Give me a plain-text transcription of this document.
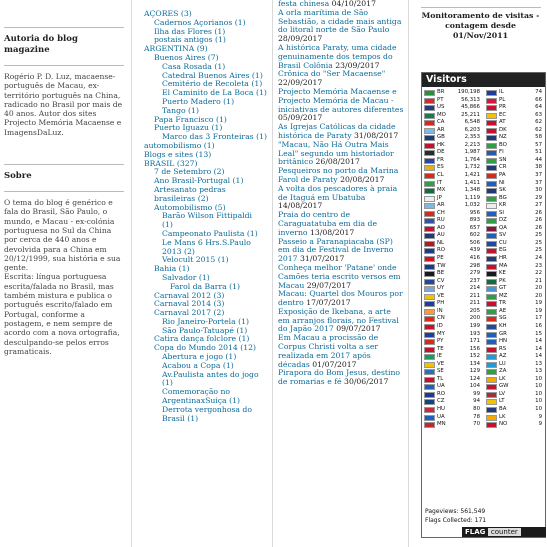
Autoria do blog magazine
Rogério P. D. Luz, macaense-português de Macau, ex-território português na China, radicado no Brasil por mais de 40 anos. Autor dos sites Projecto Memória Macaense e ImagensDaLuz.
Sobre
O tema do blog é genérico e fala do Brasil, São Paulo, o mundo, e Macau - ex-colónia portuguesa no Sul da China por cerca de 440 anos e devolvida para a China em 20/12/1999, sua história e sua gente.
Escrita: língua portuguesa escrita/falada no Brasil, mas também mistura e publica o português escrito/falado em Portugal, conforme a postagem, e nem sempre de acordo com a nova ortografia, desculpando-se pelos erros gramaticais.
AÇORES (3)
Cadernos Açorianos (1)
Ilha das Flores (1)
postais antigos (1)
ARGENTINA (9)
Buenos Aires (7)
Casa Rosada (1)
Catedral Buenos Aires (1)
Cemitério de Recoleta (1)
El Caminito de La Boca (1)
Puerto Madero (1)
Tango (1)
Papa Francisco (1)
Puerto Iguazu (1)
Marco das 3 Fronteiras (1)
automobilismo (1)
Blogs e sites (13)
BRASIL (327)
7 de Setembro (2)
Ano Brasil-Portugal (1)
Artesanato pedras
brasileiras (2)
Automobilismo (5)
Barão Wilson Fittipaldi
(1)
Campeonato Paulista (1)
Le Mans 6 Hrs.S.Paulo
2013 (2)
Velocult 2015 (1)
Bahia (1)
Salvador (1)
Farol da Barra (1)
Carnaval 2012 (3)
Carnaval 2014 (3)
Carnaval 2017 (2)
Rio Janeiro-Portela (1)
São Paulo-Tatuapé (1)
Catira dança folclore (1)
Copa do Mundo 2014 (12)
Abertura e jogo (1)
Acabou a Copa (1)
Av.Paulista antes do jogo
(1)
Comemoração no
ArgentinaxSuiça (1)
Derrota vergonhosa do
Brasil (1)
festa chinesa 04/10/2017
A orla marítima de São Sebastião, a cidade mais antiga do litoral norte de São Paulo 28/09/2017
A histórica Paraty, uma cidade genuinamente dos tempos do Brasil Colônia 23/09/2017
Crônica do "Ser Macaense" 22/09/2017
Projecto Memória Macaense e Projecto Memória de Macau - iniciativas de autores diferentes 05/09/2017
As Igrejas Católicas da cidade histórica de Paraty 31/08/2017
"Macau, Não Há Outra Mais Leal" segundo um historiador britânico 26/08/2017
Pesqueiros no porto da Marina Farol de Paraty 20/08/2017
A volta dos pescadores à praia de Itaguá em Ubatuba 14/08/2017
Praia do centro de Caraguatatuba em dia de inverno 13/08/2017
Passeio a Paranapiacaba (SP) em dia de Festival de Inverno 2017 31/07/2017
Conheça melhor 'Patane' onde Camões teria escrito versos em Macau 29/07/2017
Macau: Quartel dos Mouros por dentro 17/07/2017
Exposição de Ikebana, a arte em arranjos florais, no Festival do Japão 2017 09/07/2017
Em Macau a procissão de Corpus Christi volta a ser realizada em 2017 após décadas 01/07/2017
Pirapora do Bom Jesus, destino de romarias e fé 30/06/2017
Monitoramento de visitas - contagem desde 01/Nov/2011
Visitors
BR 190,198	IL	74
PT	56,313	PL	66
US	45,866	PR	64
MO	25,211	EC	63
CA	6,548	AT	62
AR	6,203	DK	62
GB	2,353	NZ	58
HK	2,213	BO	57
DE	1,987	FI	51
FR	1,764	SN	44
ES	1,732	CR	38
CL	1,421	PA	37
IT	1,411	NI	37
MX	1,348	SK	30
JP	1,119	BG	29
AR	1,032	KR	27
CH	956	SI	26
RU	893	DZ	26
AO	657	QA	26
AU	602	SV	25
NL	506	CU	25
RO	439	EG	25
PE	416	HR	24
TW	298	MA	23
BE	279	KE	22
CV	237	PK	21
UY	214	GT	20
VE	211	MZ	20
PH	211	TR	19
IN	205	AE	19
CN	200	SG	17
ID	199	KH	16
MY	193	GR	15
PY	171	HN	14
TE	156	RS	14
IE	152	AZ	14
VE	134	LU	13
SE	129	ZA	13
TL	124	LK	10
UA	104	GW	10
RO	99	LV	10
CZ	94	LT	10
HU	80	BA	10
UA	78	LK	9
MN	70	NO	9
Pageviews: 561,549
Flags Collected: 171
FLAG counter
